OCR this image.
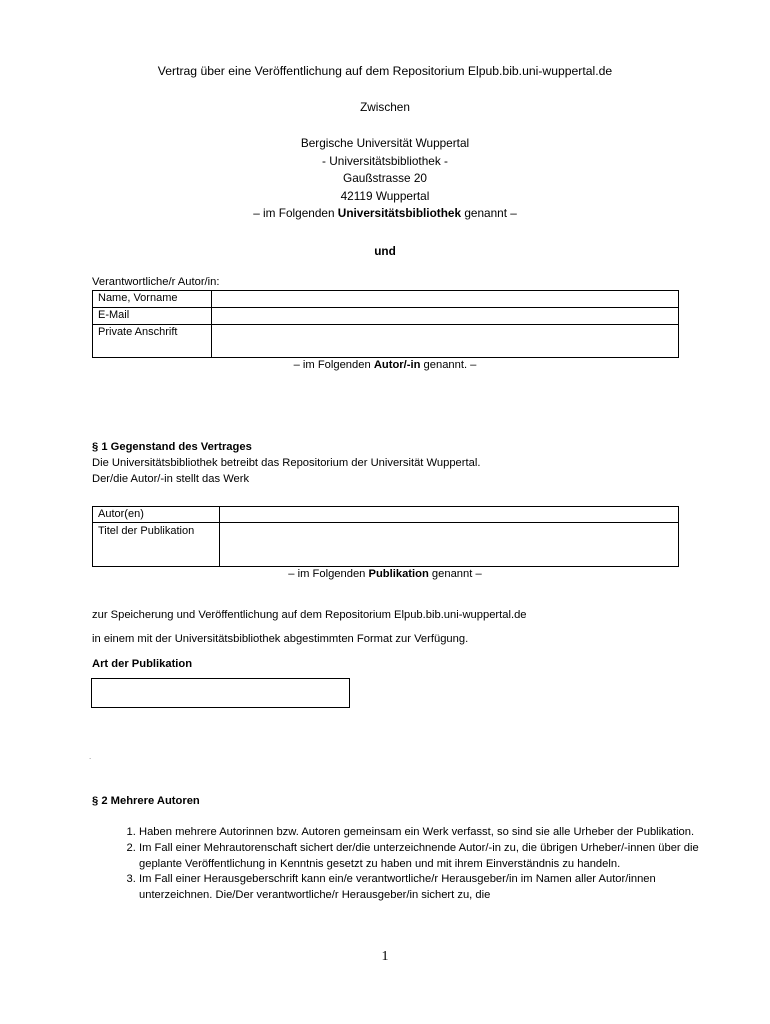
Vertrag über eine Veröffentlichung auf dem Repositorium Elpub.bib.uni-wuppertal.de
Zwischen
Bergische Universität Wuppertal
- Universitätsbibliothek -
Gaußstrasse 20
42119 Wuppertal
– im Folgenden Universitätsbibliothek genannt –
und
Verantwortliche/r Autor/in:
Name, Vorname	
E-Mail	
Private Anschrift	
– im Folgenden Autor/-in genannt. –
§ 1 Gegenstand des Vertrages
Die Universitätsbibliothek betreibt das Repositorium der Universität Wuppertal.
Der/die Autor/-in stellt das Werk
Autor(en)	
Titel der Publikation	
– im Folgenden Publikation genannt –
zur Speicherung und Veröffentlichung auf dem Repositorium Elpub.bib.uni-wuppertal.de
in einem mit der Universitätsbibliothek abgestimmten Format zur Verfügung.
Art der Publikation
.
§ 2 Mehrere Autoren
1. Haben mehrere Autorinnen bzw. Autoren gemeinsam ein Werk verfasst, so sind sie alle Urheber der Publikation.
2. Im Fall einer Mehrautorenschaft sichert der/die unterzeichnende Autor/-in zu, die übrigen Urheber/-innen über die geplante Veröffentlichung in Kenntnis gesetzt zu haben und mit ihrem Einverständnis zu handeln.
3. Im Fall einer Herausgeberschrift kann ein/e verantwortliche/r Herausgeber/in im Namen aller Autor/innen unterzeichnen. Die/Der verantwortliche/r Herausgeber/in sichert zu, die
1
